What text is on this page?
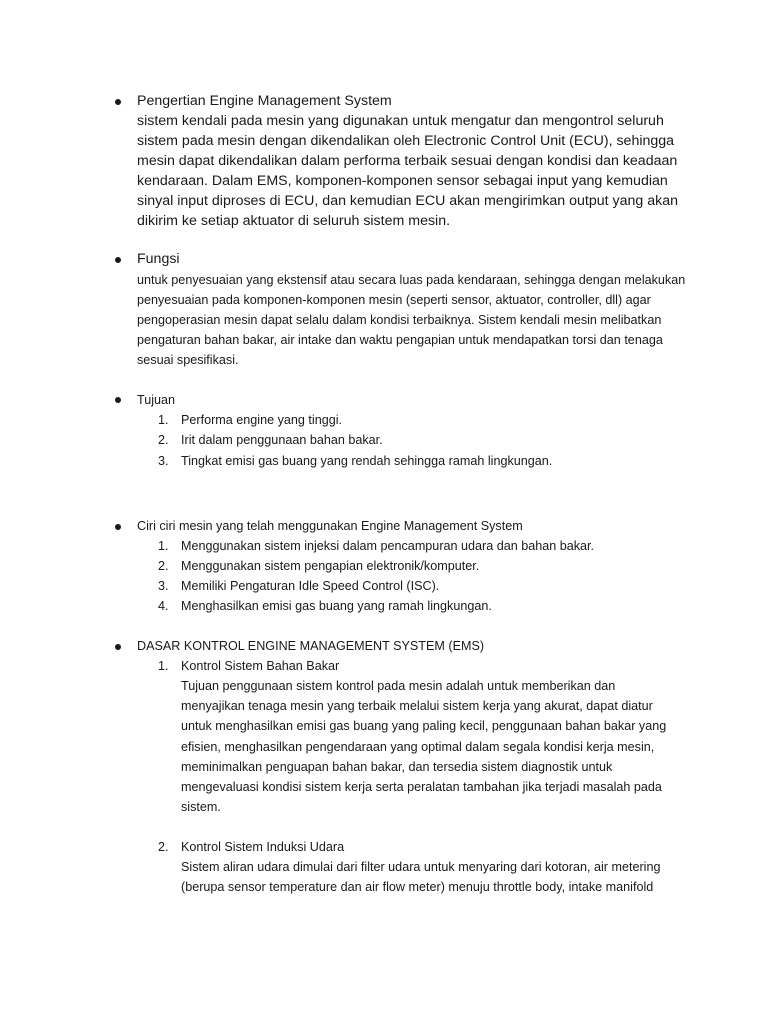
Pengertian Engine Management System
sistem kendali pada mesin yang digunakan untuk mengatur dan mengontrol seluruh
sistem pada mesin dengan dikendalikan oleh Electronic Control Unit (ECU), sehingga
mesin dapat dikendalikan dalam performa terbaik sesuai dengan kondisi dan keadaan
kendaraan. Dalam EMS, komponen-komponen sensor sebagai input yang kemudian
sinyal input diproses di ECU, dan kemudian ECU akan mengirimkan output yang akan
dikirim ke setiap aktuator di seluruh sistem mesin.
Fungsi
untuk penyesuaian yang ekstensif atau secara luas pada kendaraan, sehingga dengan melakukan
penyesuaian pada komponen-komponen mesin (seperti sensor, aktuator, controller, dll) agar
pengoperasian mesin dapat selalu dalam kondisi terbaiknya. Sistem kendali mesin melibatkan
pengaturan bahan bakar, air intake dan waktu pengapian untuk mendapatkan torsi dan tenaga
sesuai spesifikasi.
Tujuan
1. Performa engine yang tinggi.
2. Irit dalam penggunaan bahan bakar.
3. Tingkat emisi gas buang yang rendah sehingga ramah lingkungan.
Ciri ciri mesin yang telah menggunakan Engine Management System
1. Menggunakan sistem injeksi dalam pencampuran udara dan bahan bakar.
2. Menggunakan sistem pengapian elektronik/komputer.
3. Memiliki Pengaturan Idle Speed Control (ISC).
4. Menghasilkan emisi gas buang yang ramah lingkungan.
DASAR KONTROL ENGINE MANAGEMENT SYSTEM (EMS)
1. Kontrol Sistem Bahan Bakar
Tujuan penggunaan sistem kontrol pada mesin adalah untuk memberikan dan
menyajikan tenaga mesin yang terbaik melalui sistem kerja yang akurat, dapat diatur
untuk menghasilkan emisi gas buang yang paling kecil, penggunaan bahan bakar yang
efisien, menghasilkan pengendaraan yang optimal dalam segala kondisi kerja mesin,
meminimalkan penguapan bahan bakar, dan tersedia sistem diagnostik untuk
mengevaluasi kondisi sistem kerja serta peralatan tambahan jika terjadi masalah pada
sistem.
2. Kontrol Sistem Induksi Udara
Sistem aliran udara dimulai dari filter udara untuk menyaring dari kotoran, air metering
(berupa sensor temperature dan air flow meter) menuju throttle body, intake manifold
